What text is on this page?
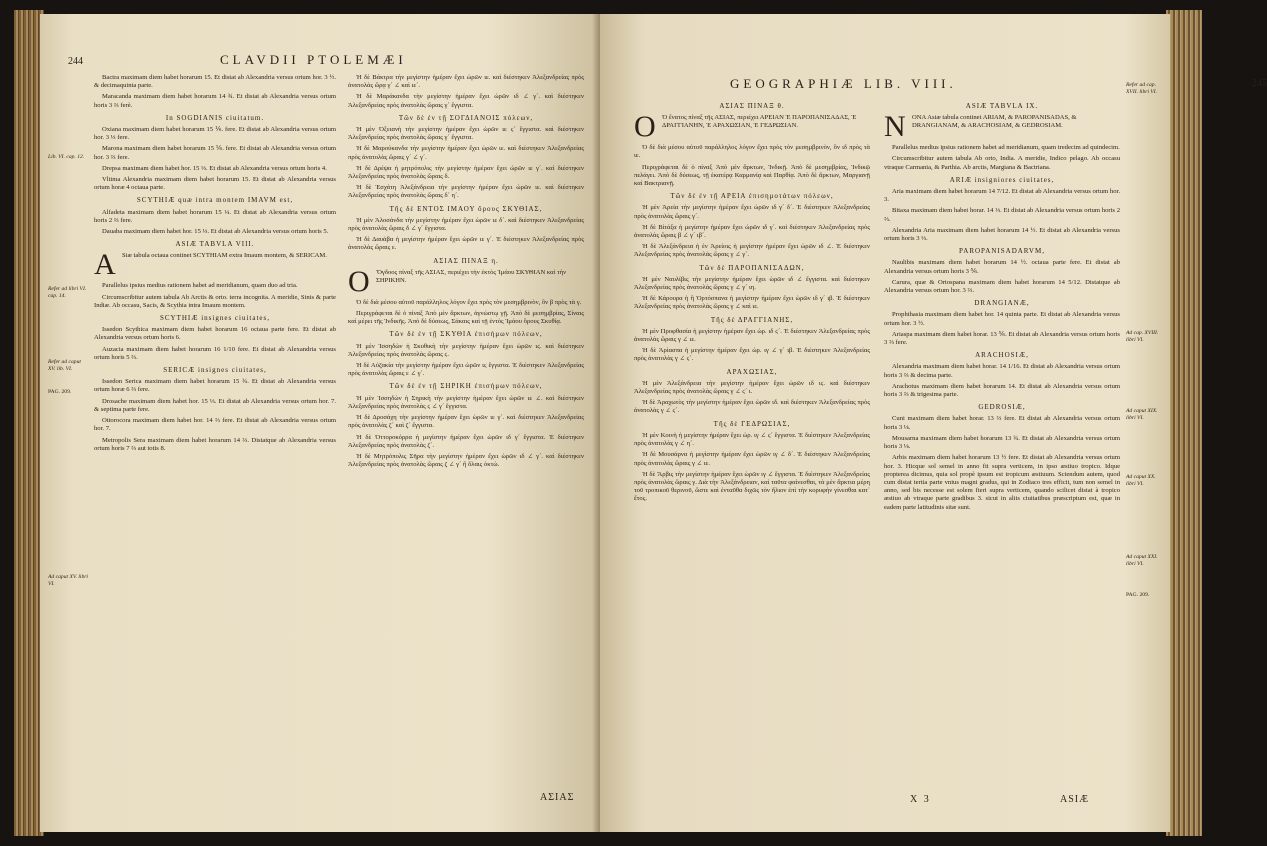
244	CLAVDII PTOLEMÆI
Lib. VI. cap. 12.
Refer ad libri VI. cap. 14.
Refer ad caput XV. lib. VI.
PAG. 209.
Ad caput XV. libri VI.
Bactra maximam diem habet horarum 15. Et distat ab Alexandria versus ortum hor. 3 ½. & decimaquinta parte.
Maracanda maximam diem habet horarum 14 ¾. Et distat ab Alexandria versus ortum horis 3 ⅔ ferè.
In SOGDIANIS ciuitatum.
Oxiana maximam diem habet horarum 15 ⅙. fere. Et distat ab Alexandria versus ortum hor. 3 ⅓ fere.
Marona maximam diem habet horarum 15 ⅙. fere. Et distat ab Alexandria versus ortum hor. 3 ⅔ fere.
Drepsa maximam diem habet hor. 15 ⅓. Et distat ab Alexandria versus ortum horis 4.
Vltima Alexandria maximam diem habet horarum 15. Et distat ab Alexandria versus ortum horæ 4 octaua parte.
SCYTHIÆ quæ intra montem IMAVM est,
Alfadeta maximam diem habet horarum 15 ¼. Et distat ab Alexandria versus ortum horis 2 ⅔ fere.
Dauaba maximam diem habet hor. 15 ⅓. Et distat ab Alexandria versus ortum horis 5.
ASIÆ TABVLA VIII.
A Siæ tabula octaua continet SCYTHIAM extra Imaum montem, & SERICAM.
Parallelus ipsius medius rationem habet ad meridianum, quam duo ad tria.
Circumscribitur autem tabula Ab Arctis & orto. terra incognita. A meridie, Sinis & parte Indiæ. Ab occasu, Sacis, & Scythia intra Imaum montem.
SCYTHIÆ insignes ciuitates,
Issedon Scythica maximam diem habet horarum 16 octaua parte fere. Et distat ab Alexandria versus ortum horis 6.
Auzacia maximam diem habet horarum 16 1/10 fere. Et distat ab Alexandria versus ortum horis 5 ⅔.
SERICÆ insignes ciuitates,
Issedon Serica maximam diem habet horarum 15 ¾. Et distat ab Alexandria versus ortum horæ 6 ⅔ fere.
Drosache maximam diem habet hor. 15 ⅓. Et distat ab Alexandria versus ortum hor. 7. & septima parte fere.
Ottorocora maximam diem habet hor. 14 ⅔ fere. Et distat ab Alexandria versus ortum hor. 7.
Metropolis Sera maximam diem habet horarum 14 ⅔. Distatque ab Alexandria versus ortum horis 7 ⅔ aut totis 8.
Ἡ δὲ Βάκτρα τὴν μεγίστην ἡμέραν ἔχει ὡρῶν ιε. καὶ διέστηκεν Ἀλεξανδρείας πρὸς ἀνατολὰς ὥρᾳ γ´ ∠ καὶ ιε´.
Ἡ δὲ Μαράκανδα τὴν μεγίστην ἡμέραν ἔχει ὡρῶν ιδ ∠ γ´. καὶ διέστηκεν Ἀλεξανδρείας πρὸς ἀνατολὰς ὥραις γ´ ἔγγιστα.
Τῶν δὲ ἐν τῇ ΣΟΓΔΙΑΝΟΙΣ πόλεων,
Ἡ μὲν Ὀξειανὴ τὴν μεγίστην ἡμέραν ἔχει ὡρῶν ιε ϛ´ ἔγγιστα. καὶ διέστηκεν Ἀλεξανδρείας πρὸς ἀνατολὰς ὥραις γ´ ἔγγιστα.
Ἡ δὲ Μαρούκανδα τὴν μεγίστην ἡμέραν ἔχει ὡρῶν ιε. καὶ διέστηκεν Ἀλεξανδρείας πρὸς ἀνατολὰς ὥραις γ´ ∠ γ´.
Ἡ δὲ Δρέψα ἡ μητρόπολις τὴν μεγίστην ἡμέραν ἔχει ὡρῶν ιε γ´. καὶ διέστηκεν Ἀλεξανδρείας πρὸς ἀνατολὰς ὥραις δ.
Ἡ δὲ Ἐσχάτη Ἀλεξάνδρεια τὴν μεγίστην ἡμέραν ἔχει ὡρῶν ιε. καὶ διέστηκεν Ἀλεξανδρείας πρὸς ἀνατολὰς ὥραις δ´ η´.
Τῆς δὲ ΕΝΤΟΣ ΙΜΑΟΥ ὄρους ΣΚΥΘΙΑΣ,
Ἡ μὲν Ἀλοσάνδα τὴν μεγίστην ἡμέραν ἔχει ὡρῶν ιε δ´. καὶ διέστηκεν Ἀλεξανδρείας πρὸς ἀνατολὰς ὥραις δ ∠ γ´ ἔγγιστα.
Ἡ δὲ Δαυάβα ἡ μεγίστην ἡμέραν ἔχει ὡρῶν ιε γ´. Ἐ διέστηκεν Ἀλεξανδρείας πρὸς ἀνατολὰς ὥραις ε.
ΑΣΙΑΣ ΠΙΝΑΞ η.
Ο Ὄγδοος πίναξ τῆς ΑΣΙΑΣ, περιέχει τὴν ἐκτὸς Ἰμάου ΣΚΥΘΙΑΝ καὶ τὴν ΣΗΡΙΚΗΝ.
Ὁ δὲ διὰ μέσου αὐτοῦ παράλληλος λόγον ἔχει πρὸς τὸν μεσημβρινὸν, ὃν β πρὸς τὰ γ.
Περιγράφεται δὲ ὁ πίναξ Ἀπὸ μὲν ἄρκτων, ἀγνώστῳ γῇ. Ἀπὸ δὲ μεσημβρίας, Σίναις καὶ μέρει τῆς Ἰνδικῆς. Ἀπὸ δὲ δύσεως, Σάκαις καὶ τῇ ἐντὸς Ἰμάου ὄρους Σκυθίᾳ.
Τῶν δὲ ἐν τῇ ΣΚΥΘΙΑ ἐπισήμων πόλεων,
Ἡ μὲν Ἰσσηδὼν ἡ Σκυθικὴ τὴν μεγίστην ἡμέραν ἔχει ὡρῶν ιϛ. καὶ διέστηκεν Ἀλεξανδρείας πρὸς ἀνατολὰς ὥραις ϛ.
Ἡ δὲ Αὐζακία τὴν μεγίστην ἡμέραν ἔχει ὡρῶν ιϛ ἔγγιστα. Ἐ διέστηκεν Ἀλεξανδρείας πρὸς ἀνατολὰς ὥραις ε ∠ γ´.
Τῶν δὲ ἐν τῇ ΣΗΡΙΚΗ ἐπισήμων πόλεων,
Ἡ μὲν Ἰσσηδὼν ἡ Σηρικὴ τὴν μεγίστην ἡμέραν ἔχει ὡρῶν ιε ∠. καὶ διέστηκεν Ἀλεξανδρείας πρὸς ἀνατολὰς ϛ ∠ γ´ ἔγγιστα.
Ἡ δὲ Δροσάχη τὴν μεγίστην ἡμέραν ἔχει ὡρῶν ιε γ´. καὶ διέστηκεν Ἀλεξανδρείας πρὸς ἀνατολὰς ζ´ καὶ ζ´ ἔγγιστα.
Ἡ δὲ Ὀττοροκόρρα ἡ μεγίστην ἡμέραν ἔχει ὡρῶν ιδ γ´ ἔγγιστα. Ἐ διέστηκεν Ἀλεξανδρείας πρὸς ἀνατολὰς ζ´.
Ἡ δὲ Μητρόπολις Σῆρα τὴν μεγίστην ἡμέραν ἔχει ὡρῶν ιδ ∠ γ´. καὶ διέστηκεν Ἀλεξανδρείας πρὸς ἀνατολὰς ὥραις ζ ∠ γ´ ἢ ὅλαις ὀκτώ.
ΑΣΙΑΣ
GEOGRAPHIÆ LIB. VIII.	245
ΑΣΙΑΣ ΠΙΝΑΞ θ.
Ο Ὁ ἔνατος πίναξ τῆς ΑΣΙΑΣ, περιέχει ΑΡΕΙΑΝ Ἐ ΠΑΡΟΠΑΝΙΣΑΔΑΣ, Ἐ ΔΡΑΓΓΙΑΝΗΝ, Ἐ ΑΡΑΧΩΣΙΑΝ, Ἐ ΓΕΔΡΩΣΙΑΝ.
Ὁ δὲ διὰ μέσου αὐτοῦ παράλληλος λόγον ἔχει πρὸς τὸν μεσημβρινὸν, ὃν ιδ πρὸς τὰ ιε.
Περιγράφεται δὲ ὁ πίναξ Ἀπὸ μὲν ἄρκτων, Ἰνδικῇ. Ἀπὸ δὲ μεσημβρίας, Ἰνδικῷ πελάγει. Ἀπὸ δὲ δύσεως, τῇ ἑκατέρᾳ Καρμανίᾳ καὶ Παρθίᾳ. Ἀπὸ δὲ ἄρκτων, Μαργιανῇ καὶ Βακτριανῇ.
Τῶν δὲ ἐν τῇ ΑΡΕΙΑ ἐπισημοτάτων πόλεων,
Ἡ μὲν Ἀρεία τὴν μεγίστην ἡμέραν ἔχει ὡρῶν ιδ γ´ δ´. Ἐ διέστηκεν Ἀλεξανδρείας πρὸς ἀνατολὰς ὥραις γ´.
Ἡ δὲ Βίτάξα ἡ μεγίστην ἡμέραν ἔχει ὡρῶν ιδ γ´. καὶ διέστηκεν Ἀλεξανδρείας πρὸς ἀνατολὰς ὥραις β ∠ γ´ ιβ´.
Ἡ δὲ Ἀλεξάνδρεια ἡ ἐν Ἀρείοις ἡ μεγίστην ἡμέραν ἔχει ὡρῶν ιδ ∠. Ἐ διέστηκεν Ἀλεξανδρείας πρὸς ἀνατολὰς ὥραις γ ∠ γ´.
Τῶν δὲ ΠΑΡΟΠΑΝΙΣΑΔΩΝ,
Ἡ μὲν Ναυλίβις τὴν μεγίστην ἡμέραν ἔχει ὡρῶν ιδ ∠ ἔγγιστα. καὶ διέστηκεν Ἀλεξανδρείας πρὸς ἀνατολὰς ὥραις γ ∠ γ´ ιη.
Ἡ δὲ Κάρουρα ἡ ἢ Ὀρτόσπανα ἡ μεγίστην ἡμέραν ἔχει ὡρῶν ιδ γ´ ιβ. Ἐ διέστηκεν Ἀλεξανδρείας πρὸς ἀνατολὰς ὥραις γ ∠ καὶ ιε.
Τῆς δὲ ΔΡΑΓΓΙΑΝΗΣ,
Ἡ μὲν Προφθασία ἡ μεγίστην ἡμέραν ἔχει ὡρ. ιδ ϛ´. Ἐ διέστηκεν Ἀλεξανδρείας πρὸς ἀνατολὰς ὥραις γ ∠ ιε.
Ἡ δὲ Ἀρίασπα ἡ μεγίστην ἡμέραν ἔχει ὡρ. ιγ ∠ γ´ ιβ. Ἐ διέστηκεν Ἀλεξανδρείας πρὸς ἀνατολὰς γ ∠ ϛ´.
ΑΡΑΧΩΣΙΑΣ,
Ἡ μὲν Ἀλεξάνδρεια τὴν μεγίστην ἡμέραν ἔχει ὡρῶν ιδ ιϛ. καὶ διέστηκεν Ἀλεξανδρείας πρὸς ἀνατολὰς ὥραις γ ∠ ϛ´ ι.
Ἡ δὲ Ἀραχωτὸς τὴν μεγίστην ἡμέραν ἔχει ὡρῶν ιδ. καὶ διέστηκεν Ἀλεξανδρείας πρὸς ἀνατολὰς γ ∠ ϛ´.
Τῆς δὲ ΓΕΔΡΩΣΙΑΣ,
Ἡ μὲν Κοινὴ ἡ μεγίστην ἡμέραν ἔχει ὡρ. ιγ ∠ ϛ´ ἔγγιστα. Ἐ διέστηκεν Ἀλεξανδρείας πρὸς ἀνατολὰς γ ∠ η´.
Ἡ δὲ Μουσάρνα ἡ μεγίστην ἡμέραν ἔχει ὡρῶν ιγ ∠ δ´. Ἐ διέστηκεν Ἀλεξανδρείας πρὸς ἀνατολὰς ὥραις γ ∠ ιε.
Ἡ δὲ Ἄρβις τὴν μεγίστην ἡμέραν ἔχει ὡρῶν ιγ ∠ ἔγγιστα. Ἐ διέστηκεν Ἀλεξανδρείας πρὸς ἀνατολὰς ὥραις γ. Διὰ τὴν Ἀλεξάνδρειαν, καὶ ταῦτα φαίνεσθαι, τὰ μὲν ἄρκτια μέρη τοῦ τροπικοῦ θερινοῦ, ὥστε καὶ ἐνταῦθα διχῶς τὸν ἥλιον ἐπὶ τὴν κορυφὴν γίνεσθαι κατ᾽ ἔτος.
ASIÆ TABVLA IX.
N ONA Asiæ tabula continet ARIAM, & PAROPANISADAS, & DRANGIANAM, & ARACHOSIAM, & GEDROSIAM.
Parallelus medius ipsius rationem habet ad meridianum, quam tredecim ad quindecim.
Circumscribitur autem tabula Ab orto, India. A meridie, Indico pelago. Ab occasu vtraque Carmania, & Parthia. Ab arctis, Margiana & Bactriana.
ARIÆ insigniores ciuitates,
Aria maximam diem habet horarum 14 7/12. Et distat ab Alexandria versus ortum hor. 3.
Bitaxa maximam diem habet horar. 14 ⅓. Et distat ab Alexandria versus ortum horis 2 ⅔.
Alexandria Aria maximam diem habet horarum 14 ½. Et distat ab Alexandria versus ortum horis 3 ⅓.
PAROPANISADARVM,
Naulibis maximam diem habet horarum 14 ½. octaua parte fere. Et distat ab Alexandria versus ortum horis 3 ⅚.
Carura, quæ & Ortospana maximam diem habet horarum 14 5/12. Distatque ab Alexandria versus ortum hor. 3 ⅔.
DRANGIANÆ,
Prophthasia maximam diem habet hor. 14 quinta parte. Et distat ab Alexandria versus ortum hor. 3 ½.
Ariaspa maximam diem habet horar. 13 ⅚. Et distat ab Alexandria versus ortum horis 3 ⅔ fere.
ARACHOSIÆ,
Alexandria maximam diem habet horar. 14 1/16. Et distat ab Alexandria versus ortum horis 3 ⅔ & decima parte.
Arachotus maximam diem habet horarum 14. Et distat ab Alexandria versus ortum horis 3 ⅔ & trigesima parte.
GEDROSIÆ,
Cuni maximam diem habet horar. 13 ⅔ fere. Et distat ab Alexandria versus ortum horis 3 ⅛.
Mousarna maximam diem habet horarum 13 ¾. Et distat ab Alexandria versus ortum horis 3 ⅛.
Arbis maximam diem habet horarum 13 ½ fere. Et distat ab Alexandria versus ortum hor. 3. Hicque sol semel in anno fit supra verticem, in ipso æstiuo tropico. Idque propterea dicimus, quia sol propè ipsum est tropicum æstiuum. Sciendum autem, quod cum distat tertia parte vnius magni gradus, qui in Zodiaco tres efficit, tum non semel in anno, sed bis necesse est solem fieri supra verticem, quando scilicet distat à tropico æstiuo ab vtraque parte gradibus 3. sicut in aliis ciuitatibus præscriptum est, quæ in eadem parte latitudinis sitæ sunt.
Refer ad cap. XVII. libri VI.
Ad cap. XVIII. libri VI.
Ad caput XIX. libri VI.
Ad caput XX. libri VI.
Ad caput XXI. libri VI.
PAG. 209.
X 3	ASIÆ
